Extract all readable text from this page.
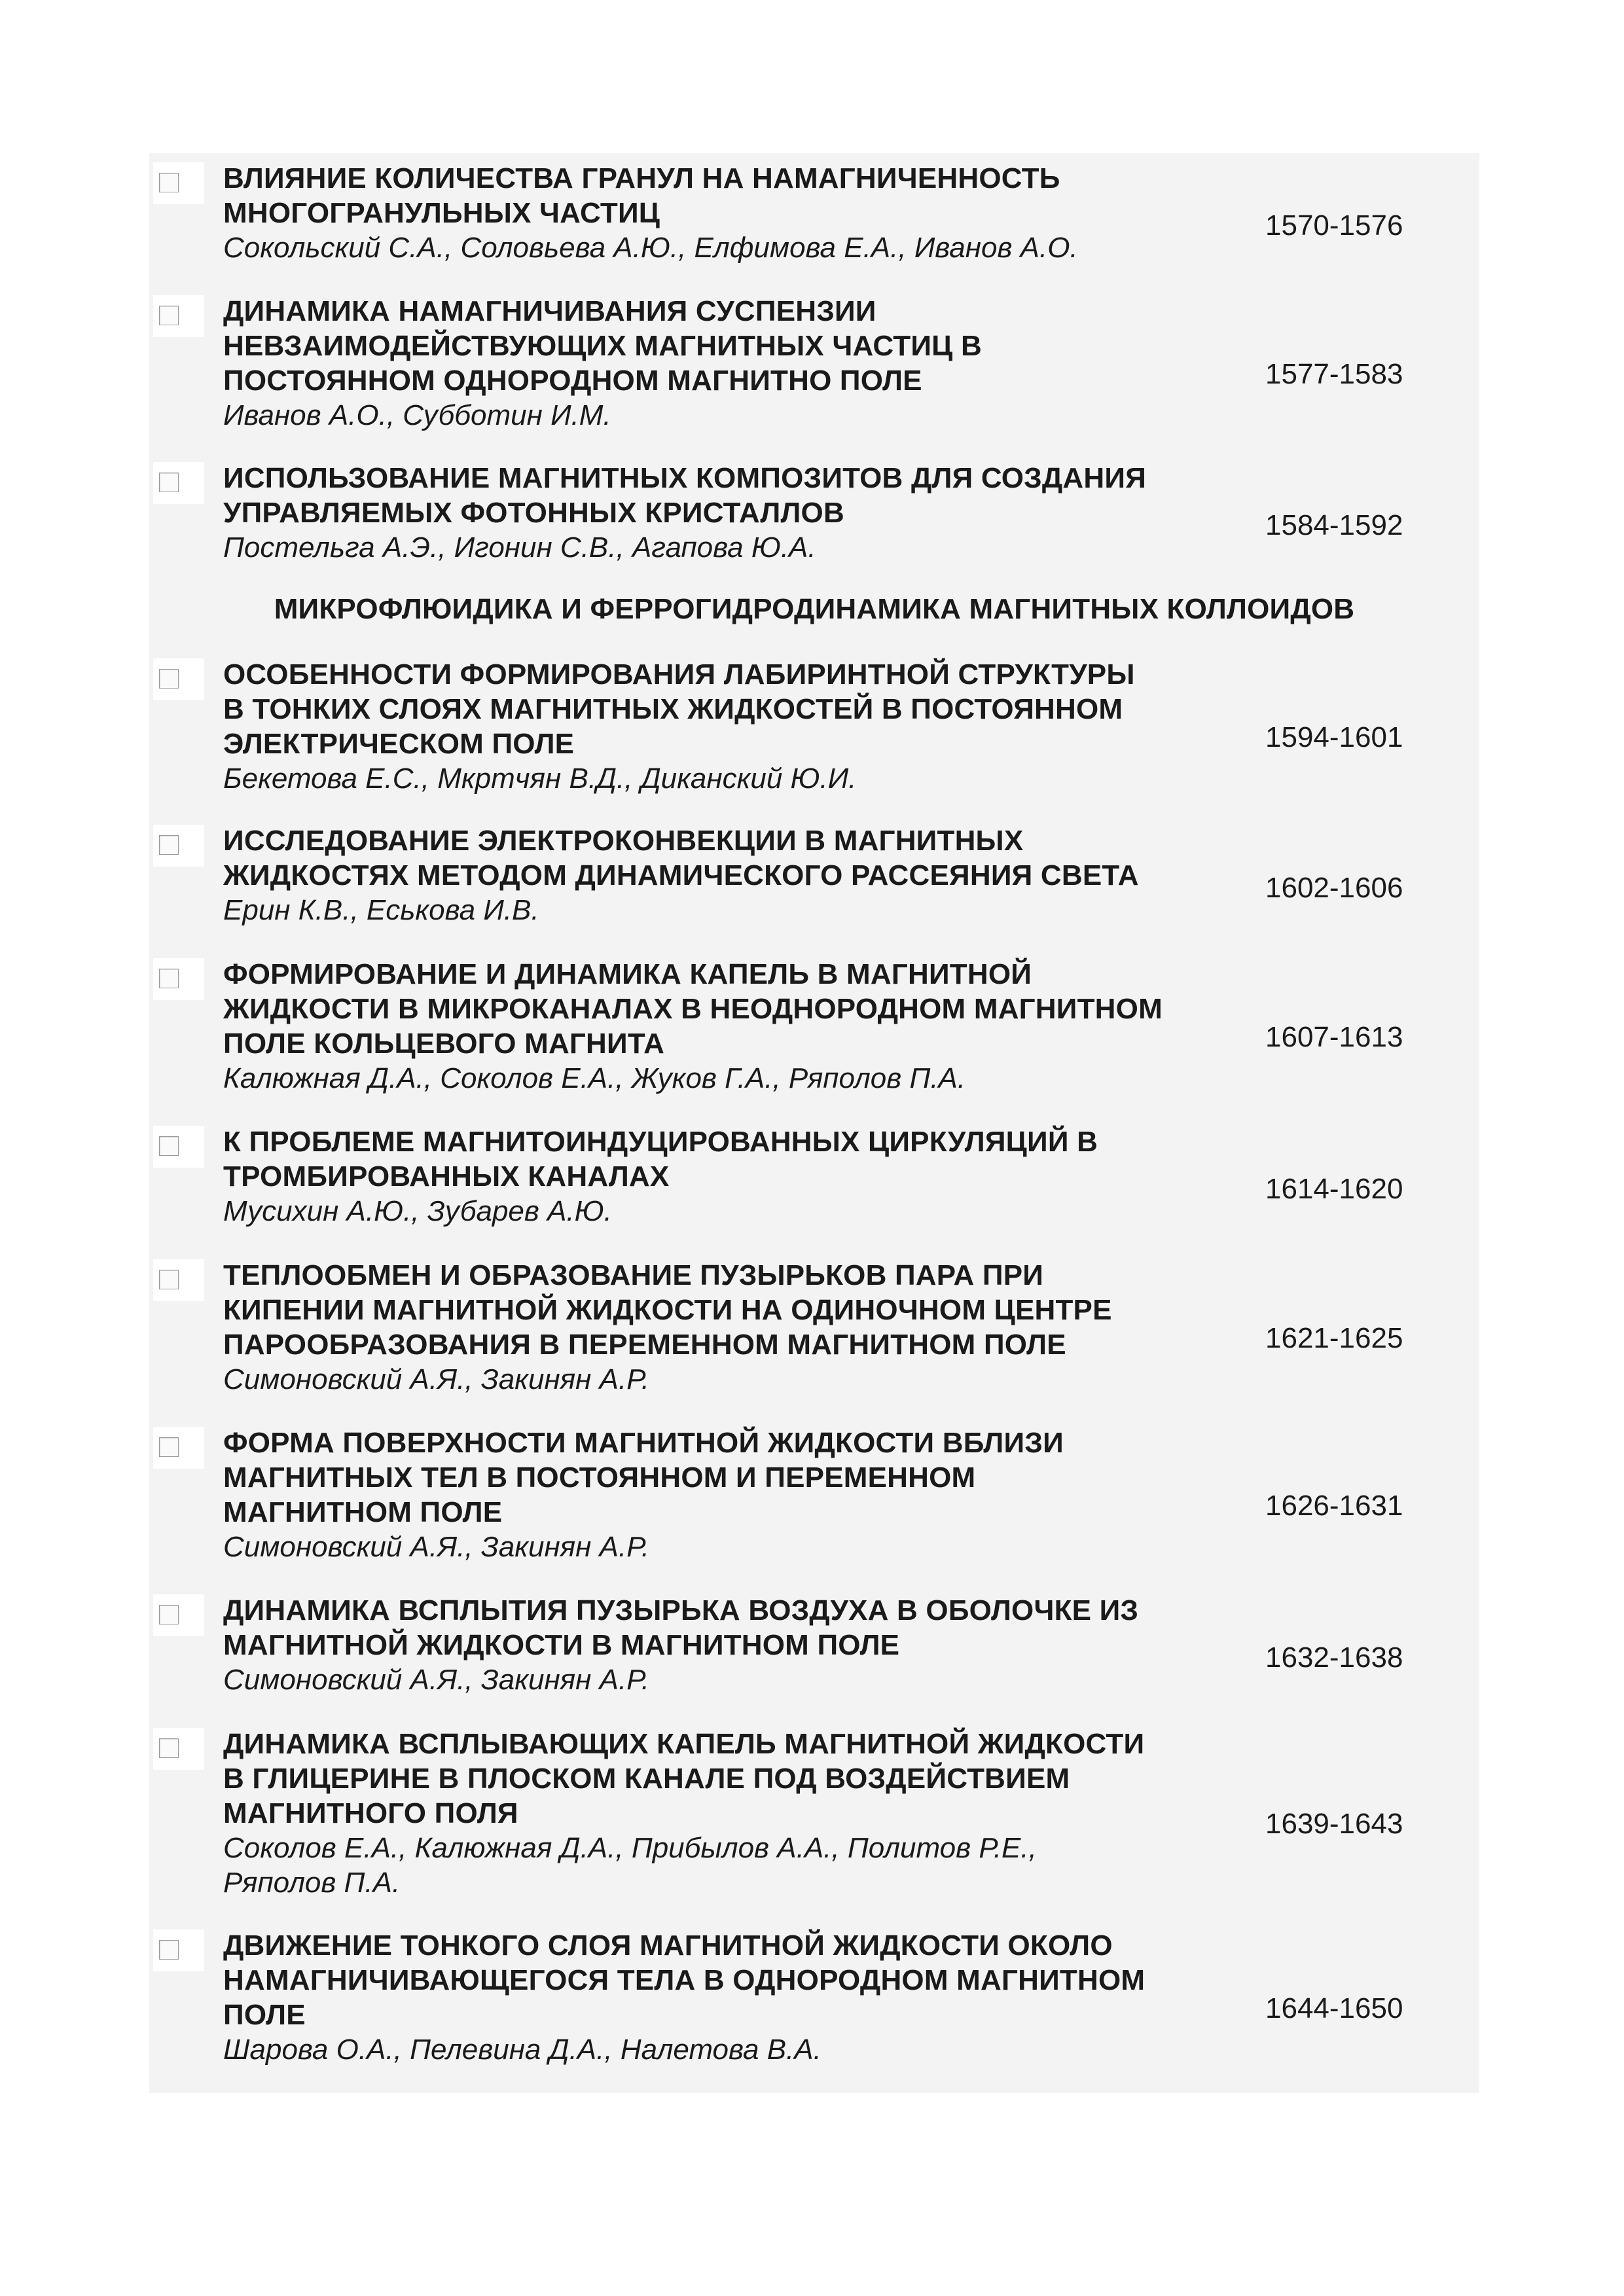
ВЛИЯНИЕ КОЛИЧЕСТВА ГРАНУЛ НА НАМАГНИЧЕННОСТЬ
МНОГОГРАНУЛЬНЫХ ЧАСТИЦ

Сокольский С.А., Соловьева А.Ю., Елфимова Е.А., Иванов А.О.

1570-1576

ДИНАМИКА НАМАГНИЧИВАНИЯ СУСПЕНЗИИ
НЕВЗАИМОДЕЙСТВУЮЩИХ МАГНИТНЫХ ЧАСТИЦ В
ПОСТОЯННОМ ОДНОРОДНОМ МАГНИТНО ПОЛЕ

Иванов А.О., Субботин И.М.

1577-1583

ИСПОЛЬЗОВАНИЕ МАГНИТНЫХ КОМПОЗИТОВ ДЛЯ СОЗДАНИЯ
УПРАВЛЯЕМЫХ ФОТОННЫХ КРИСТАЛЛОВ

Постельга А.Э., Игонин С.В., Агапова Ю.А.

1584-1592
МИКРОФЛЮИДИКА И ФЕРРОГИДРОДИНАМИКА МАГНИТНЫХ КОЛЛОИДОВ

ОСОБЕННОСТИ ФОРМИРОВАНИЯ ЛАБИРИНТНОЙ СТРУКТУРЫ
В ТОНКИХ СЛОЯХ МАГНИТНЫХ ЖИДКОСТЕЙ В ПОСТОЯННОМ
ЭЛЕКТРИЧЕСКОМ ПОЛЕ

Бекетова Е.С., Мкртчян В.Д., Диканский Ю.И.

1594-1601

ИССЛЕДОВАНИЕ ЭЛЕКТРОКОНВЕКЦИИ В МАГНИТНЫХ
ЖИДКОСТЯХ МЕТОДОМ ДИНАМИЧЕСКОГО РАССЕЯНИЯ СВЕТА

Ерин К.В., Еськова И.В.

1602-1606

ФОРМИРОВАНИЕ И ДИНАМИКА КАПЕЛЬ В МАГНИТНОЙ
ЖИДКОСТИ В МИКРОКАНАЛАХ В НЕОДНОРОДНОМ МАГНИТНОМ
ПОЛЕ КОЛЬЦЕВОГО МАГНИТА

Калюжная Д.А., Соколов Е.А., Жуков Г.А., Ряполов П.А.

1607-1613

К ПРОБЛЕМЕ МАГНИТОИНДУЦИРОВАННЫХ ЦИРКУЛЯЦИЙ В
ТРОМБИРОВАННЫХ КАНАЛАХ

Мусихин А.Ю., Зубарев А.Ю.

1614-1620

ТЕПЛООБМЕН И ОБРАЗОВАНИЕ ПУЗЫРЬКОВ ПАРА ПРИ
КИПЕНИИ МАГНИТНОЙ ЖИДКОСТИ НА ОДИНОЧНОМ ЦЕНТРЕ
ПАРООБРАЗОВАНИЯ В ПЕРЕМЕННОМ МАГНИТНОМ ПОЛЕ

Симоновский А.Я., Закинян А.Р.

1621-1625

ФОРМА ПОВЕРХНОСТИ МАГНИТНОЙ ЖИДКОСТИ ВБЛИЗИ
МАГНИТНЫХ ТЕЛ В ПОСТОЯННОМ И ПЕРЕМЕННОМ
МАГНИТНОМ ПОЛЕ

Симоновский А.Я., Закинян А.Р.

1626-1631

ДИНАМИКА ВСПЛЫТИЯ ПУЗЫРЬКА ВОЗДУХА В ОБОЛОЧКЕ ИЗ
МАГНИТНОЙ ЖИДКОСТИ В МАГНИТНОМ ПОЛЕ

Симоновский А.Я., Закинян А.Р.

1632-1638

ДИНАМИКА ВСПЛЫВАЮЩИХ КАПЕЛЬ МАГНИТНОЙ ЖИДКОСТИ
В ГЛИЦЕРИНЕ В ПЛОСКОМ КАНАЛЕ ПОД ВОЗДЕЙСТВИЕМ
МАГНИТНОГО ПОЛЯ

Соколов Е.А., Калюжная Д.А., Прибылов А.А., Политов Р.Е.,
Ряполов П.А.

1639-1643

ДВИЖЕНИЕ ТОНКОГО СЛОЯ МАГНИТНОЙ ЖИДКОСТИ ОКОЛО
НАМАГНИЧИВАЮЩЕГОСЯ ТЕЛА В ОДНОРОДНОМ МАГНИТНОМ
ПОЛЕ

Шарова О.А., Пелевина Д.А., Налетова В.А.

1644-1650
